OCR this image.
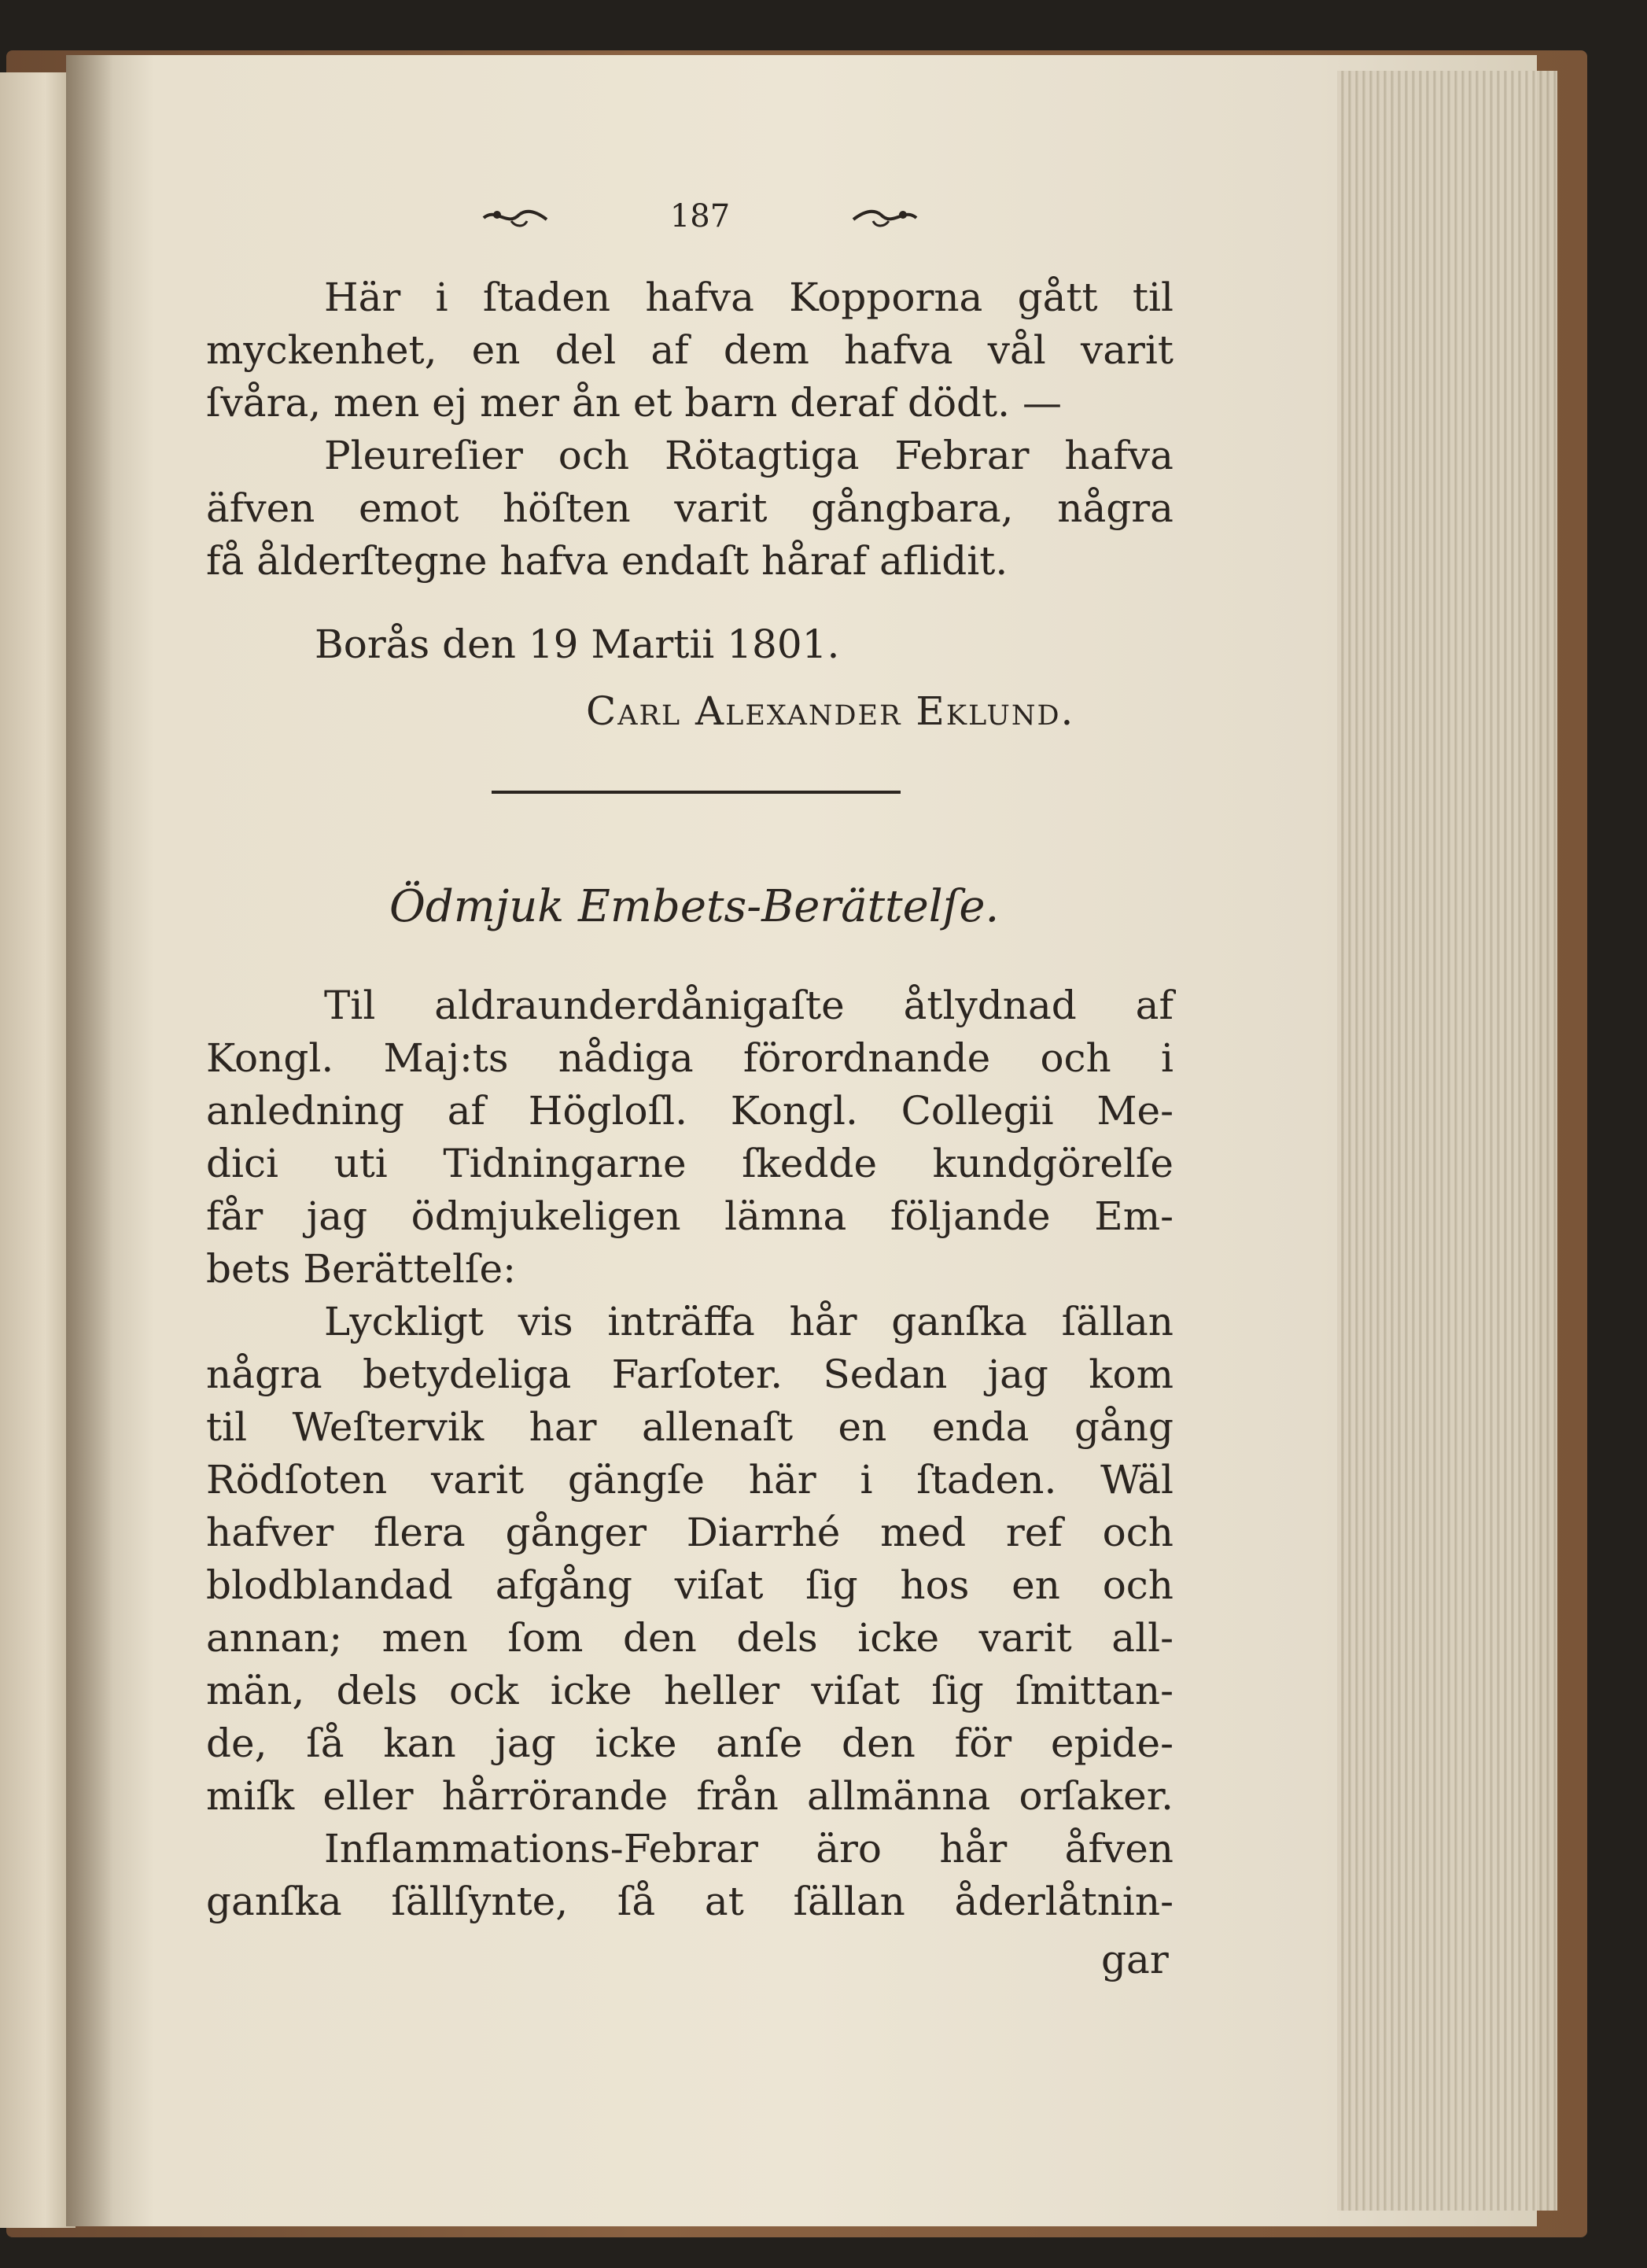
187
Här i ſtaden hafva Kopporna gått til
myckenhet, en del af dem hafva vål varit
ſvåra, men ej mer ån et barn deraf dödt. —
Pleureſier och Rötagtiga Febrar hafva
äfven emot höſten varit gångbara, några
få ålderſtegne hafva endaſt håraf aflidit.
Borås den 19 Martii 1801.
Carl Alexander Eklund.
Ödmjuk Embets-Berättelſe.
Til aldraunderdånigaſte åtlydnad af
Kongl. Maj:ts nådiga förordnande och i
anledning af Högloſl. Kongl. Collegii Me-
dici uti Tidningarne ſkedde kundgörelſe
får jag ödmjukeligen lämna följande Em-
bets Berättelſe:
Lyckligt vis inträffa hår ganſka ſällan
några betydeliga Farſoter. Sedan jag kom
til Weſtervik har allenaſt en enda gång
Rödſoten varit gängſe här i ſtaden. Wäl
hafver flera gånger Diarrhé med ref och
blodblandad afgång viſat ſig hos en och
annan; men ſom den dels icke varit all-
män, dels ock icke heller viſat ſig ſmittan-
de, ſå kan jag icke anſe den för epide-
miſk eller hårrörande från allmänna orſaker.
Inflammations-Febrar äro hår åfven
ganſka ſällſynte, ſå at ſällan åderlåtnin-
gar
